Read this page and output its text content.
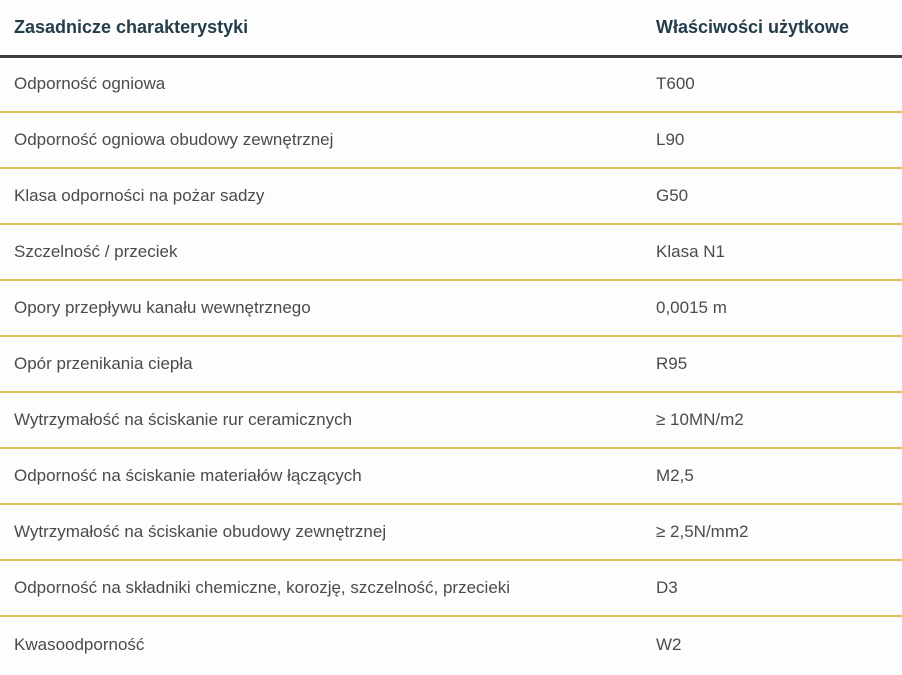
Zasadnicze charakterystyki	Właściwości użytkowe
Odporność ogniowa	T600
Odporność ogniowa obudowy zewnętrznej	L90
Klasa odporności na pożar sadzy	G50
Szczelność / przeciek	Klasa N1
Opory przepływu kanału wewnętrznego	0,0015 m
Opór przenikania ciepła	R95
Wytrzymałość na ściskanie rur ceramicznych	≥ 10MN/m2
Odporność na ściskanie materiałów łączących	M2,5
Wytrzymałość na ściskanie obudowy zewnętrznej	≥ 2,5N/mm2
Odporność na składniki chemiczne, korozję, szczelność, przecieki	D3
Kwasoodporność	W2
